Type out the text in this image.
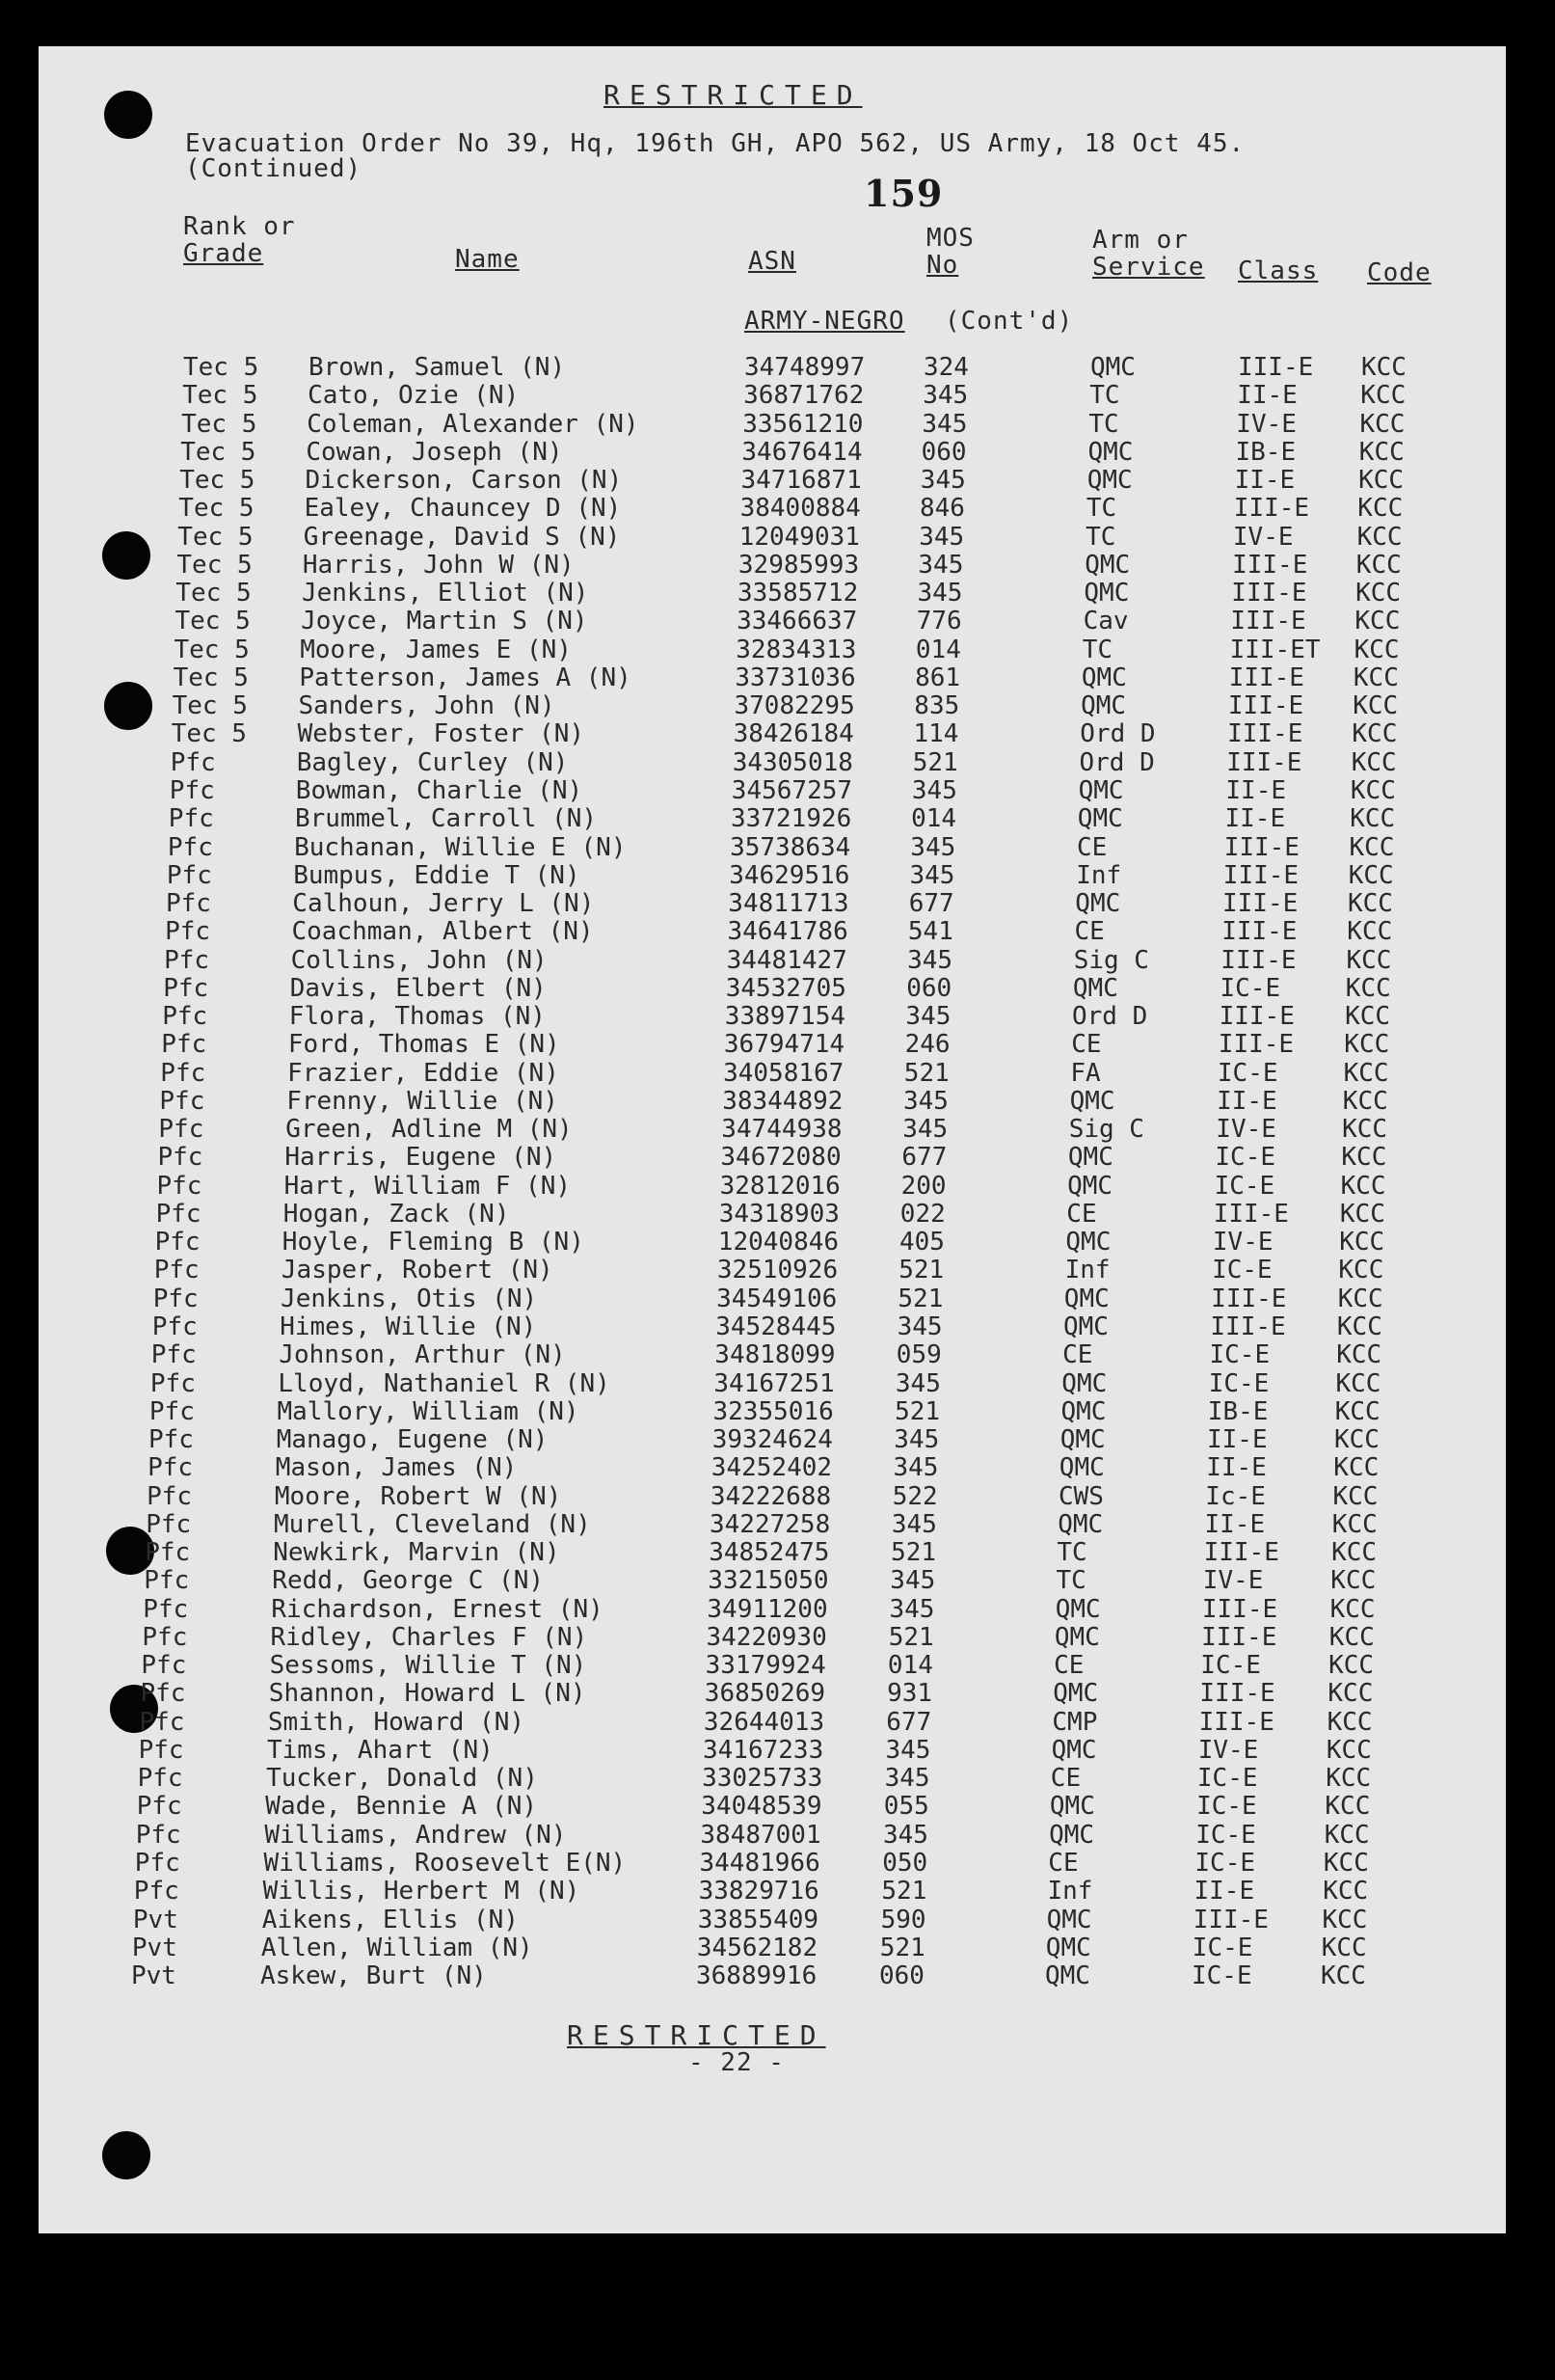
RESTRICTED
Evacuation Order No 39, Hq, 196th GH, APO 562, US Army, 18 Oct 45.
(Continued)
159
Rank or
Grade	Name	ASN
MOS
No
Arm or
Service Class Code
ARMY-NEGRO (Cont'd)
Tec 5 Brown, Samuel (N)	34748997 324	QMC	III-E KCC
Tec 5 Cato, Ozie (N)	36871762 345	TC	II-E	KCC
Tec 5 Coleman, Alexander (N)	33561210 345	TC	IV-E	KCC
Tec 5 Cowan, Joseph (N)	34676414 060	QMC	IB-E	KCC
Tec 5 Dickerson, Carson (N)	34716871 345	QMC	II-E	KCC
Tec 5 Ealey, Chauncey D (N)	38400884 846	TC	III-E KCC
Tec 5 Greenage, David S (N)	12049031 345	TC	IV-E	KCC
Tec 5 Harris, John W (N)	32985993 345	QMC	III-E KCC
Tec 5 Jenkins, Elliot (N)	33585712 345	QMC	III-E KCC
Tec 5 Joyce, Martin S (N)	33466637 776	Cav	III-E KCC
Tec 5 Moore, James E (N)	32834313 014	TC	III-ET KCC
Tec 5 Patterson, James A (N)	33731036 861	QMC	III-E KCC
Tec 5 Sanders, John (N)	37082295 835	QMC	III-E KCC
Tec 5 Webster, Foster (N)	38426184 114	Ord D	III-E KCC
Pfc	Bagley, Curley (N)	34305018 521	Ord D	III-E KCC
Pfc	Bowman, Charlie (N)	34567257 345	QMC	II-E	KCC
Pfc	Brummel, Carroll (N)	33721926 014	QMC	II-E	KCC
Pfc	Buchanan, Willie E (N)	35738634 345	CE	III-E KCC
Pfc	Bumpus, Eddie T (N)	34629516 345	Inf	III-E KCC
Pfc	Calhoun, Jerry L (N)	34811713 677	QMC	III-E KCC
Pfc	Coachman, Albert (N)	34641786 541	CE	III-E KCC
Pfc	Collins, John (N)	34481427 345	Sig C	III-E KCC
Pfc	Davis, Elbert (N)	34532705 060	QMC	IC-E	KCC
Pfc	Flora, Thomas (N)	33897154 345	Ord D	III-E KCC
Pfc	Ford, Thomas E (N)	36794714 246	CE	III-E KCC
Pfc	Frazier, Eddie (N)	34058167 521	FA	IC-E	KCC
Pfc	Frenny, Willie (N)	38344892 345	QMC	II-E	KCC
Pfc	Green, Adline M (N)	34744938 345	Sig C	IV-E	KCC
Pfc	Harris, Eugene (N)	34672080 677	QMC	IC-E	KCC
Pfc	Hart, William F (N)	32812016 200	QMC	IC-E	KCC
Pfc	Hogan, Zack (N)	34318903 022	CE	III-E KCC
Pfc	Hoyle, Fleming B (N)	12040846 405	QMC	IV-E	KCC
Pfc	Jasper, Robert (N)	32510926 521	Inf	IC-E	KCC
Pfc	Jenkins, Otis (N)	34549106 521	QMC	III-E KCC
Pfc	Himes, Willie (N)	34528445 345	QMC	III-E KCC
Pfc	Johnson, Arthur (N)	34818099 059	CE	IC-E	KCC
Pfc	Lloyd, Nathaniel R (N)	34167251 345	QMC	IC-E	KCC
Pfc	Mallory, William (N)	32355016 521	QMC	IB-E	KCC
Pfc	Manago, Eugene (N)	39324624 345	QMC	II-E	KCC
Pfc	Mason, James (N)	34252402 345	QMC	II-E	KCC
Pfc	Moore, Robert W (N)	34222688 522	CWS	Ic-E	KCC
Pfc	Murell, Cleveland (N)	34227258 345	QMC	II-E	KCC
Pfc	Newkirk, Marvin (N)	34852475 521	TC	III-E KCC
Pfc	Redd, George C (N)	33215050 345	TC	IV-E	KCC
Pfc	Richardson, Ernest (N)	34911200 345	QMC	III-E KCC
Pfc	Ridley, Charles F (N)	34220930 521	QMC	III-E KCC
Pfc	Sessoms, Willie T (N)	33179924 014	CE	IC-E	KCC
Pfc	Shannon, Howard L (N)	36850269 931	QMC	III-E KCC
Pfc	Smith, Howard (N)	32644013 677	CMP	III-E KCC
Pfc	Tims, Ahart (N)	34167233 345	QMC	IV-E	KCC
Pfc	Tucker, Donald (N)	33025733 345	CE	IC-E	KCC
Pfc	Wade, Bennie A (N)	34048539 055	QMC	IC-E	KCC
Pfc	Williams, Andrew (N)	38487001 345	QMC	IC-E	KCC
Pfc	Williams, Roosevelt E(N)	34481966 050	CE	IC-E	KCC
Pfc	Willis, Herbert M (N)	33829716 521	Inf	II-E	KCC
Pvt	Aikens, Ellis (N)	33855409 590	QMC	III-E KCC
Pvt	Allen, William (N)	34562182 521	QMC	IC-E	KCC
Pvt	Askew, Burt (N)	36889916 060	QMC	IC-E	KCC
RESTRICTED
- 22 -
